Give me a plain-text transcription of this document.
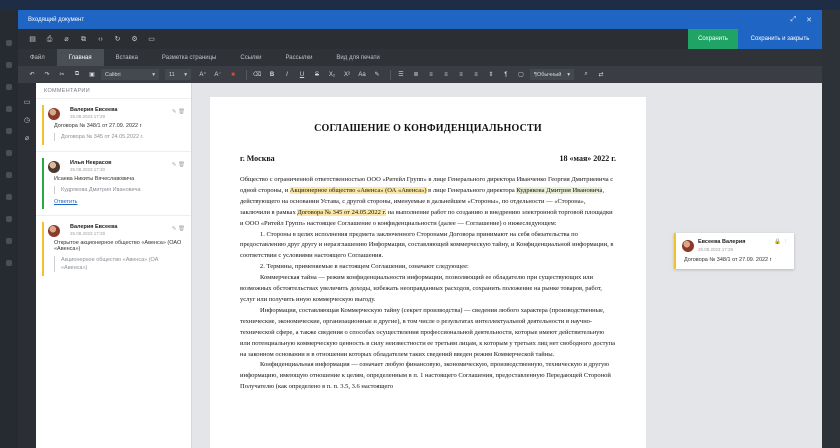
Входящий документ	⤢ ✕
▤ ⎙	⌀	⧉	‹›	↻ ⚙ ▭	Сохранить	Сохранить и закрыть
Файл	Главная	Вставка	Разметка страницы	Ссылки	Рассылки	Вид для печати
↶	↷	✂	⧉	▣	Calibri	▾	11 ▾	A⁺	A⁻	■	⌫	B	I	U	S	X₂	X²	Aa	✎	☰	≣	≡	≡	≡	≡	⇕	¶	▢	¶Обычный ▾	⌕	⇄
▭
◷
⌀
КОММЕНТАРИИ
✎ 🗑
Валерия Евсеева
25.08.2023 17:29
Договора № 348/1 от 27.09. 2022 г
Договора № 345 от 24.05.2022 г.
✎ 🗑
Илья Некрасов
25.08.2023 17:30
Исаева Никиты Вячеславовича
Кудрякова Дмитрия Ивановича
Ответить
✎ 🗑
Валерия Евсеева
25.08.2023 17:29
Открытое акционерное общество «Авенса» (ОАО «Авенса»)
Акционерное общество «Авенса» (ОА «Авенса»)
СОГЛАШЕНИЕ О КОНФИДЕНЦИАЛЬНОСТИ
г. Москва	18 «мая» 2022 г.

Общество с ограниченной ответственностью ООО «Ритейл Групп» в лице Генерального директора Иванченко Георгия Дмитриевича с одной стороны, и Акционерное общество «Авенса» (ОА «Авенса») в лице Генерального директора Кудрякова Дмитрия Ивановича, действующего на основании Устава, с другой стороны, именуемые в дальнейшем «Стороны», по отдельности — «Сторона», заключили в рамках Договора № 345 от 24.05.2022 г. на выполнение работ по созданию и внедрению электронной торговой площадки и ООО «Ритейл Групп» настоящее Соглашение о конфиденциальности (далее — Соглашение) о нижеследующем:

1. Стороны в целях исполнения предмета заключенного Сторонами Договора принимают на себя обязательства по предоставлению друг другу и неразглашению Информации, составляющей коммерческую тайну, и Конфиденциальной информации, в соответствии с условиями настоящего Соглашения.

2. Термины, применяемые в настоящем Соглашении, означают следующее:

Коммерческая тайна — режим конфиденциальности информации, позволяющий ее обладателю при существующих или возможных обстоятельствах увеличить доходы, избежать неоправданных расходов, сохранить положение на рынке товаров, работ, услуг или получить иную коммерческую выгоду.

Информация, составляющая Коммерческую тайну (секрет производства) — сведения любого характера (производственные, технические, экономические, организационные и другие), в том числе о результатах интеллектуальной деятельности в научно-технической сфере, а также сведения о способах осуществления профессиональной деятельности, которые имеют действительную или потенциальную коммерческую ценность в силу неизвестности ее третьим лицам, к которым у третьих лиц нет свободного доступа на законном основании и в отношении которых обладателем таких сведений введен режим Коммерческой тайны.

Конфиденциальная информация — означает любую финансовую, экономическую, производственную, техническую и другую информацию, имеющую отношение к целям, определенным в п. 1 настоящего Соглашения, предоставленную Передающей Стороной Получателю (как определено в п. п. 3.5, 3.6 настоящего

Евсеева Валерия
25.08.2023 17:29
🔒 ⋮
Договора № 348/1 от 27.09. 2022 г
